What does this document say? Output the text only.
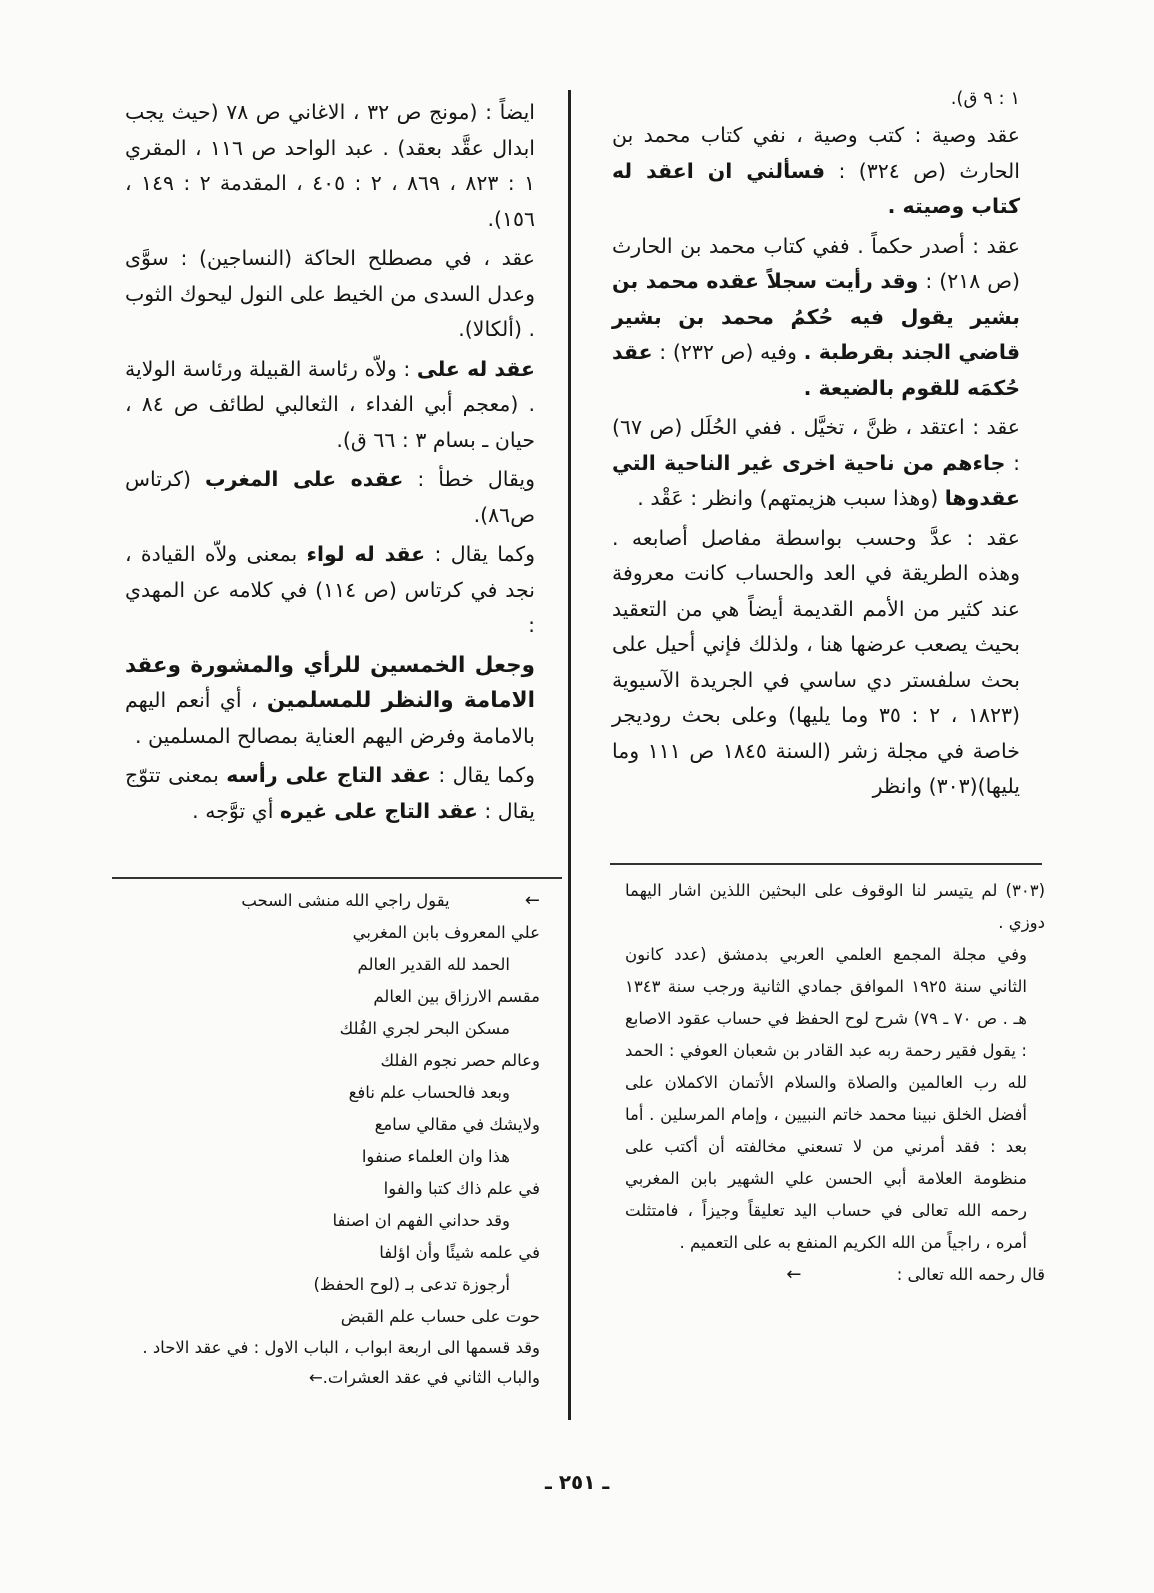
١ : ٩ ق).

عقد وصية : كتب وصية ، نفي كتاب محمد بن الحارث (ص ٣٢٤) : فسألني ان اعقد له كتاب وصيته .

عقد : أصدر حكماً . ففي كتاب محمد بن الحارث (ص ٢١٨) : وقد رأيت سجلاً عقده محمد بن بشير يقول فيه حُكمُ محمد بن بشير قاضي الجند بقرطبة . وفيه (ص ٢٣٢) : عقد حُكمَه للقوم بالضيعة .

عقد : اعتقد ، ظنَّ ، تخيَّل . ففي الحُلَل (ص ٦٧) : جاءهم من ناحية اخرى غير الناحية التي عقدوها (وهذا سبب هزيمتهم) وانظر : عَقْد .

عقد : عدَّ وحسب بواسطة مفاصل أصابعه . وهذه الطريقة في العد والحساب كانت معروفة عند كثير من الأمم القديمة أيضاً هي من التعقيد بحيث يصعب عرضها هنا ، ولذلك فإني أحيل على بحث سلفستر دي ساسي في الجريدة الآسيوية (١٨٢٣ ، ٢ : ٣٥ وما يليها) وعلى بحث روديجر خاصة في مجلة زشر (السنة ١٨٤٥ ص ١١١ وما يليها)(٣٠٣) وانظر

ايضاً : (مونج ص ٣٢ ، الاغاني ص ٧٨ (حيث يجب ابدال عقَّد بعقد) . عبد الواحد ص ١١٦ ، المقري ١ : ٨٢٣ ، ٨٦٩ ، ٢ : ٤٠٥ ، المقدمة ٢ : ١٤٩ ، ١٥٦).

عقد ، في مصطلح الحاكة (النساجين) : سوَّى وعدل السدى من الخيط على النول ليحوك الثوب . (ألكالا).

عقد له على : ولاّه رئاسة القبيلة ورئاسة الولاية . (معجم أبي الفداء ، الثعالبي لطائف ص ٨٤ ، حيان ـ بسام ٣ : ٦٦ ق).

ويقال خطأ : عقده على المغرب (كرتاس ص٨٦).

وكما يقال : عقد له لواء بمعنى ولاّه القيادة ، نجد في كرتاس (ص ١١٤) في كلامه عن المهدي :

وجعل الخمسين للرأي والمشورة وعقد الامامة والنظر للمسلمين ، أي أنعم اليهم بالامامة وفرض اليهم العناية بمصالح المسلمين .

وكما يقال : عقد التاج على رأسه بمعنى تتوّج يقال : عقد التاج على غيره أي توَّجه .

(٣٠٣) لم يتيسر لنا الوقوف على البحثين اللذين اشار اليهما دوزي .
وفي مجلة المجمع العلمي العربي بدمشق (عدد كانون الثاني سنة ١٩٢٥ الموافق جمادي الثانية ورجب سنة ١٣٤٣ هـ . ص ٧٠ ـ ٧٩) شرح لوح الحفظ في حساب عقود الاصابع : يقول فقير رحمة ربه عبد القادر بن شعبان العوفي : الحمد لله رب العالمين والصلاة والسلام الأتمان الاكملان على أفضل الخلق نبينا محمد خاتم النبيين ، وإمام المرسلين . أما بعد : فقد أمرني من لا تسعني مخالفته أن أكتب على منظومة العلامة أبي الحسن علي الشهير بابن المغربي رحمه الله تعالى في حساب اليد تعليقاً وجيزاً ، فامتثلت أمره ، راجياً من الله الكريم المنفع به على التعميم .
قال رحمه الله تعالى : ←
← يقول راجي الله منشى السحب
علي المعروف بابن المغربي
الحمد لله القدير العالم
مقسم الارزاق بين العالم
مسكن البحر لجري الفُلك
وعالم حصر نجوم الفلك
وبعد فالحساب علم نافع
ولايشك في مقالي سامع
هذا وان العلماء صنفوا
في علم ذاك كتبا والفوا
وقد حداني الفهم ان اصنفا
في علمه شيئًا وأن اؤلفا
أرجوزة تدعى بـ (لوح الحفظ)
حوت على حساب علم القبض
وقد قسمها الى اربعة ابواب ، الباب الاول : في عقد الاحاد . والباب الثاني في عقد العشرات.←
ـ ٢٥١ ـ
